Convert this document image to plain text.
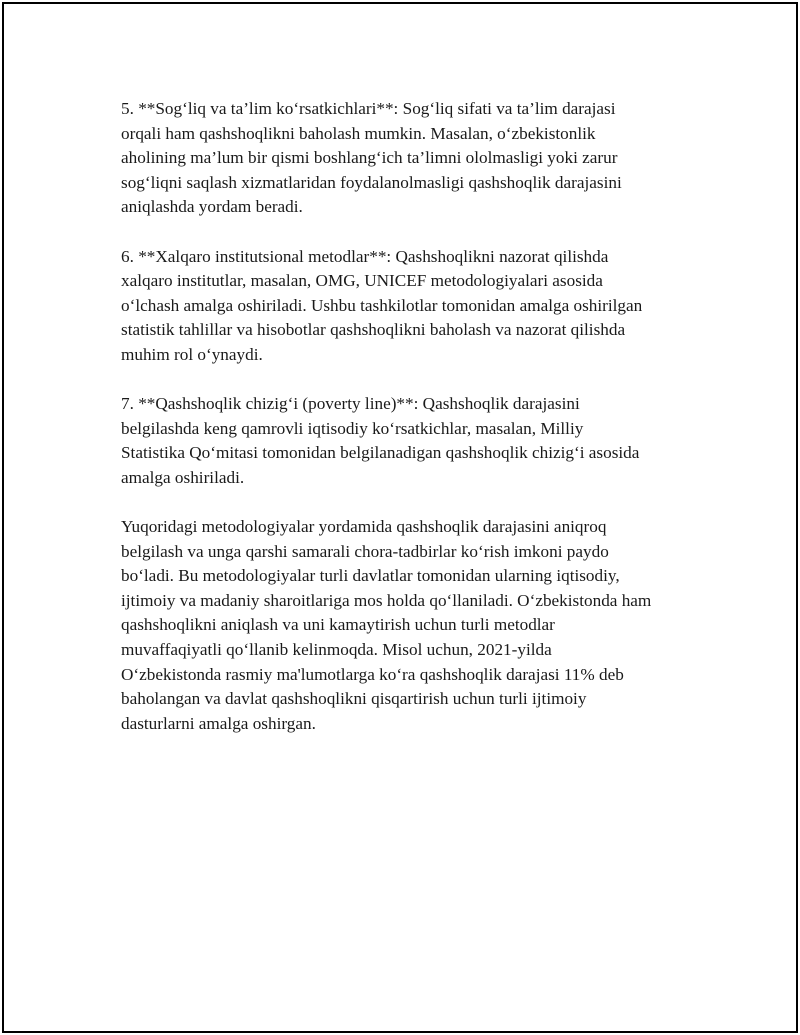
5. **Sog‘liq va ta’lim ko‘rsatkichlari**: Sog‘liq sifati va ta’lim darajasi
orqali ham qashshoqlikni baholash mumkin. Masalan, o‘zbekistonlik
aholining ma’lum bir qismi boshlang‘ich ta’limni ololmasligi yoki zarur
sog‘liqni saqlash xizmatlaridan foydalanolmasligi qashshoqlik darajasini
aniqlashda yordam beradi.

6. **Xalqaro institutsional metodlar**: Qashshoqlikni nazorat qilishda
xalqaro institutlar, masalan, OMG, UNICEF metodologiyalari asosida
o‘lchash amalga oshiriladi. Ushbu tashkilotlar tomonidan amalga oshirilgan
statistik tahlillar va hisobotlar qashshoqlikni baholash va nazorat qilishda
muhim rol o‘ynaydi.

7. **Qashshoqlik chizig‘i (poverty line)**: Qashshoqlik darajasini
belgilashda keng qamrovli iqtisodiy ko‘rsatkichlar, masalan, Milliy
Statistika Qo‘mitasi tomonidan belgilanadigan qashshoqlik chizig‘i asosida
amalga oshiriladi.

Yuqoridagi metodologiyalar yordamida qashshoqlik darajasini aniqroq
belgilash va unga qarshi samarali chora-tadbirlar ko‘rish imkoni paydo
bo‘ladi. Bu metodologiyalar turli davlatlar tomonidan ularning iqtisodiy,
ijtimoiy va madaniy sharoitlariga mos holda qo‘llaniladi. O‘zbekistonda ham
qashshoqlikni aniqlash va uni kamaytirish uchun turli metodlar
muvaffaqiyatli qo‘llanib kelinmoqda. Misol uchun, 2021-yilda
O‘zbekistonda rasmiy ma'lumotlarga ko‘ra qashshoqlik darajasi 11% deb
baholangan va davlat qashshoqlikni qisqartirish uchun turli ijtimoiy
dasturlarni amalga oshirgan.
